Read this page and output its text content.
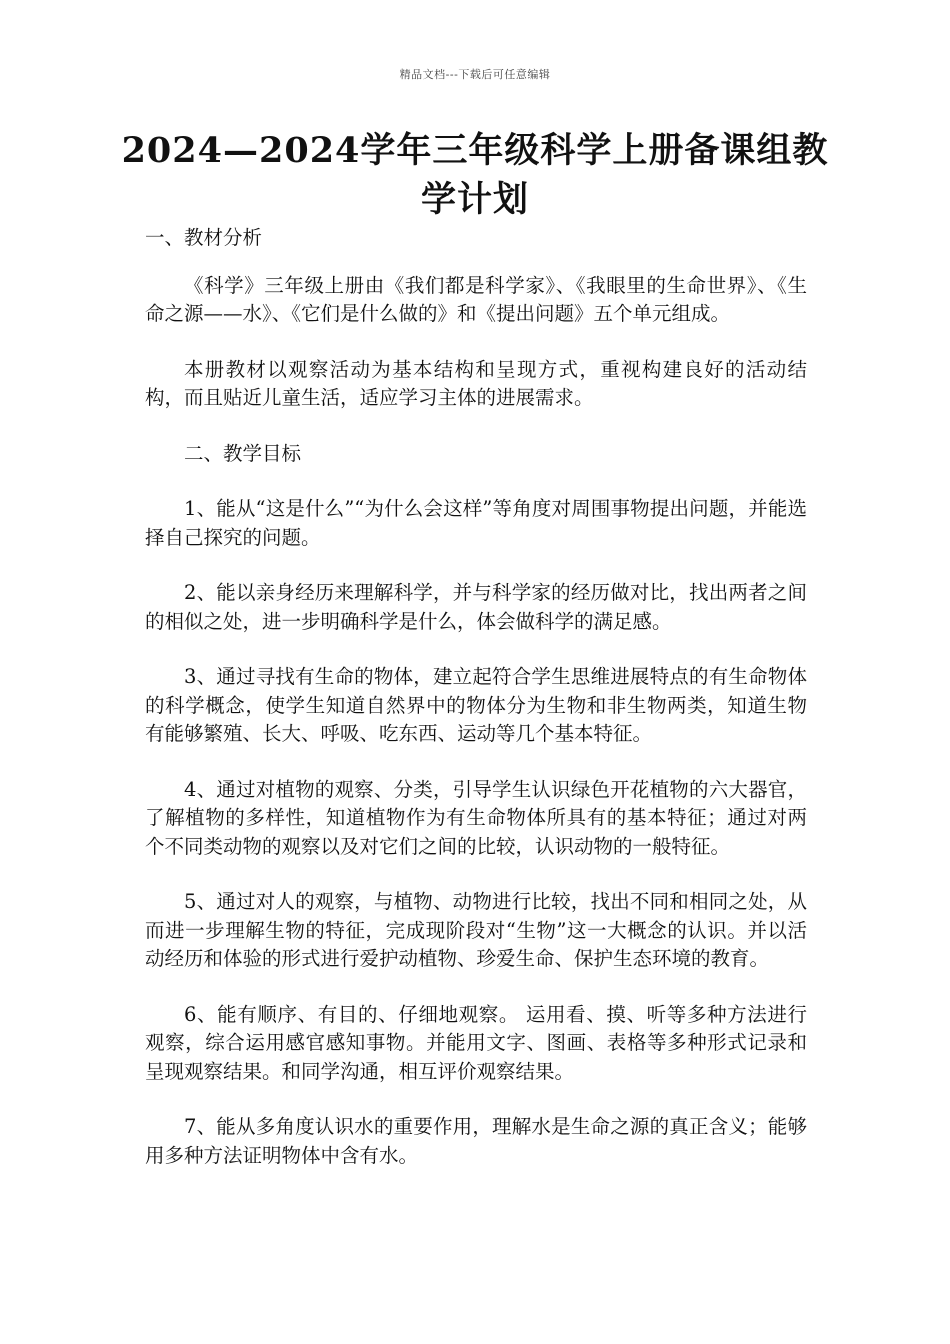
精品文档---下载后可任意编辑
2024—2024学年三年级科学上册备课组教学计划

一、教材分析

《科学》三年级上册由《我们都是科学家》、《我眼里的生命世界》、《生命之源——水》、《它们是什么做的》和《提出问题》五个单元组成。

本册教材以观察活动为基本结构和呈现方式，重视构建良好的活动结构，而且贴近儿童生活，适应学习主体的进展需求。

二、教学目标

1、能从“这是什么”“为什么会这样”等角度对周围事物提出问题，并能选择自己探究的问题。

2、能以亲身经历来理解科学，并与科学家的经历做对比，找出两者之间的相似之处，进一步明确科学是什么，体会做科学的满足感。

3、通过寻找有生命的物体，建立起符合学生思维进展特点的有生命物体的科学概念，使学生知道自然界中的物体分为生物和非生物两类，知道生物有能够繁殖、长大、呼吸、吃东西、运动等几个基本特征。

4、通过对植物的观察、分类，引导学生认识绿色开花植物的六大器官，了解植物的多样性，知道植物作为有生命物体所具有的基本特征；通过对两个不同类动物的观察以及对它们之间的比较，认识动物的一般特征。

5、通过对人的观察，与植物、动物进行比较，找出不同和相同之处，从而进一步理解生物的特征，完成现阶段对“生物”这一大概念的认识。并以活动经历和体验的形式进行爱护动植物、珍爱生命、保护生态环境的教育。

6、能有顺序、有目的、仔细地观察。 运用看、摸、听等多种方法进行观察，综合运用感官感知事物。并能用文字、图画、表格等多种形式记录和呈现观察结果。和同学沟通，相互评价观察结果。

7、能从多角度认识水的重要作用，理解水是生命之源的真正含义；能够用多种方法证明物体中含有水。
